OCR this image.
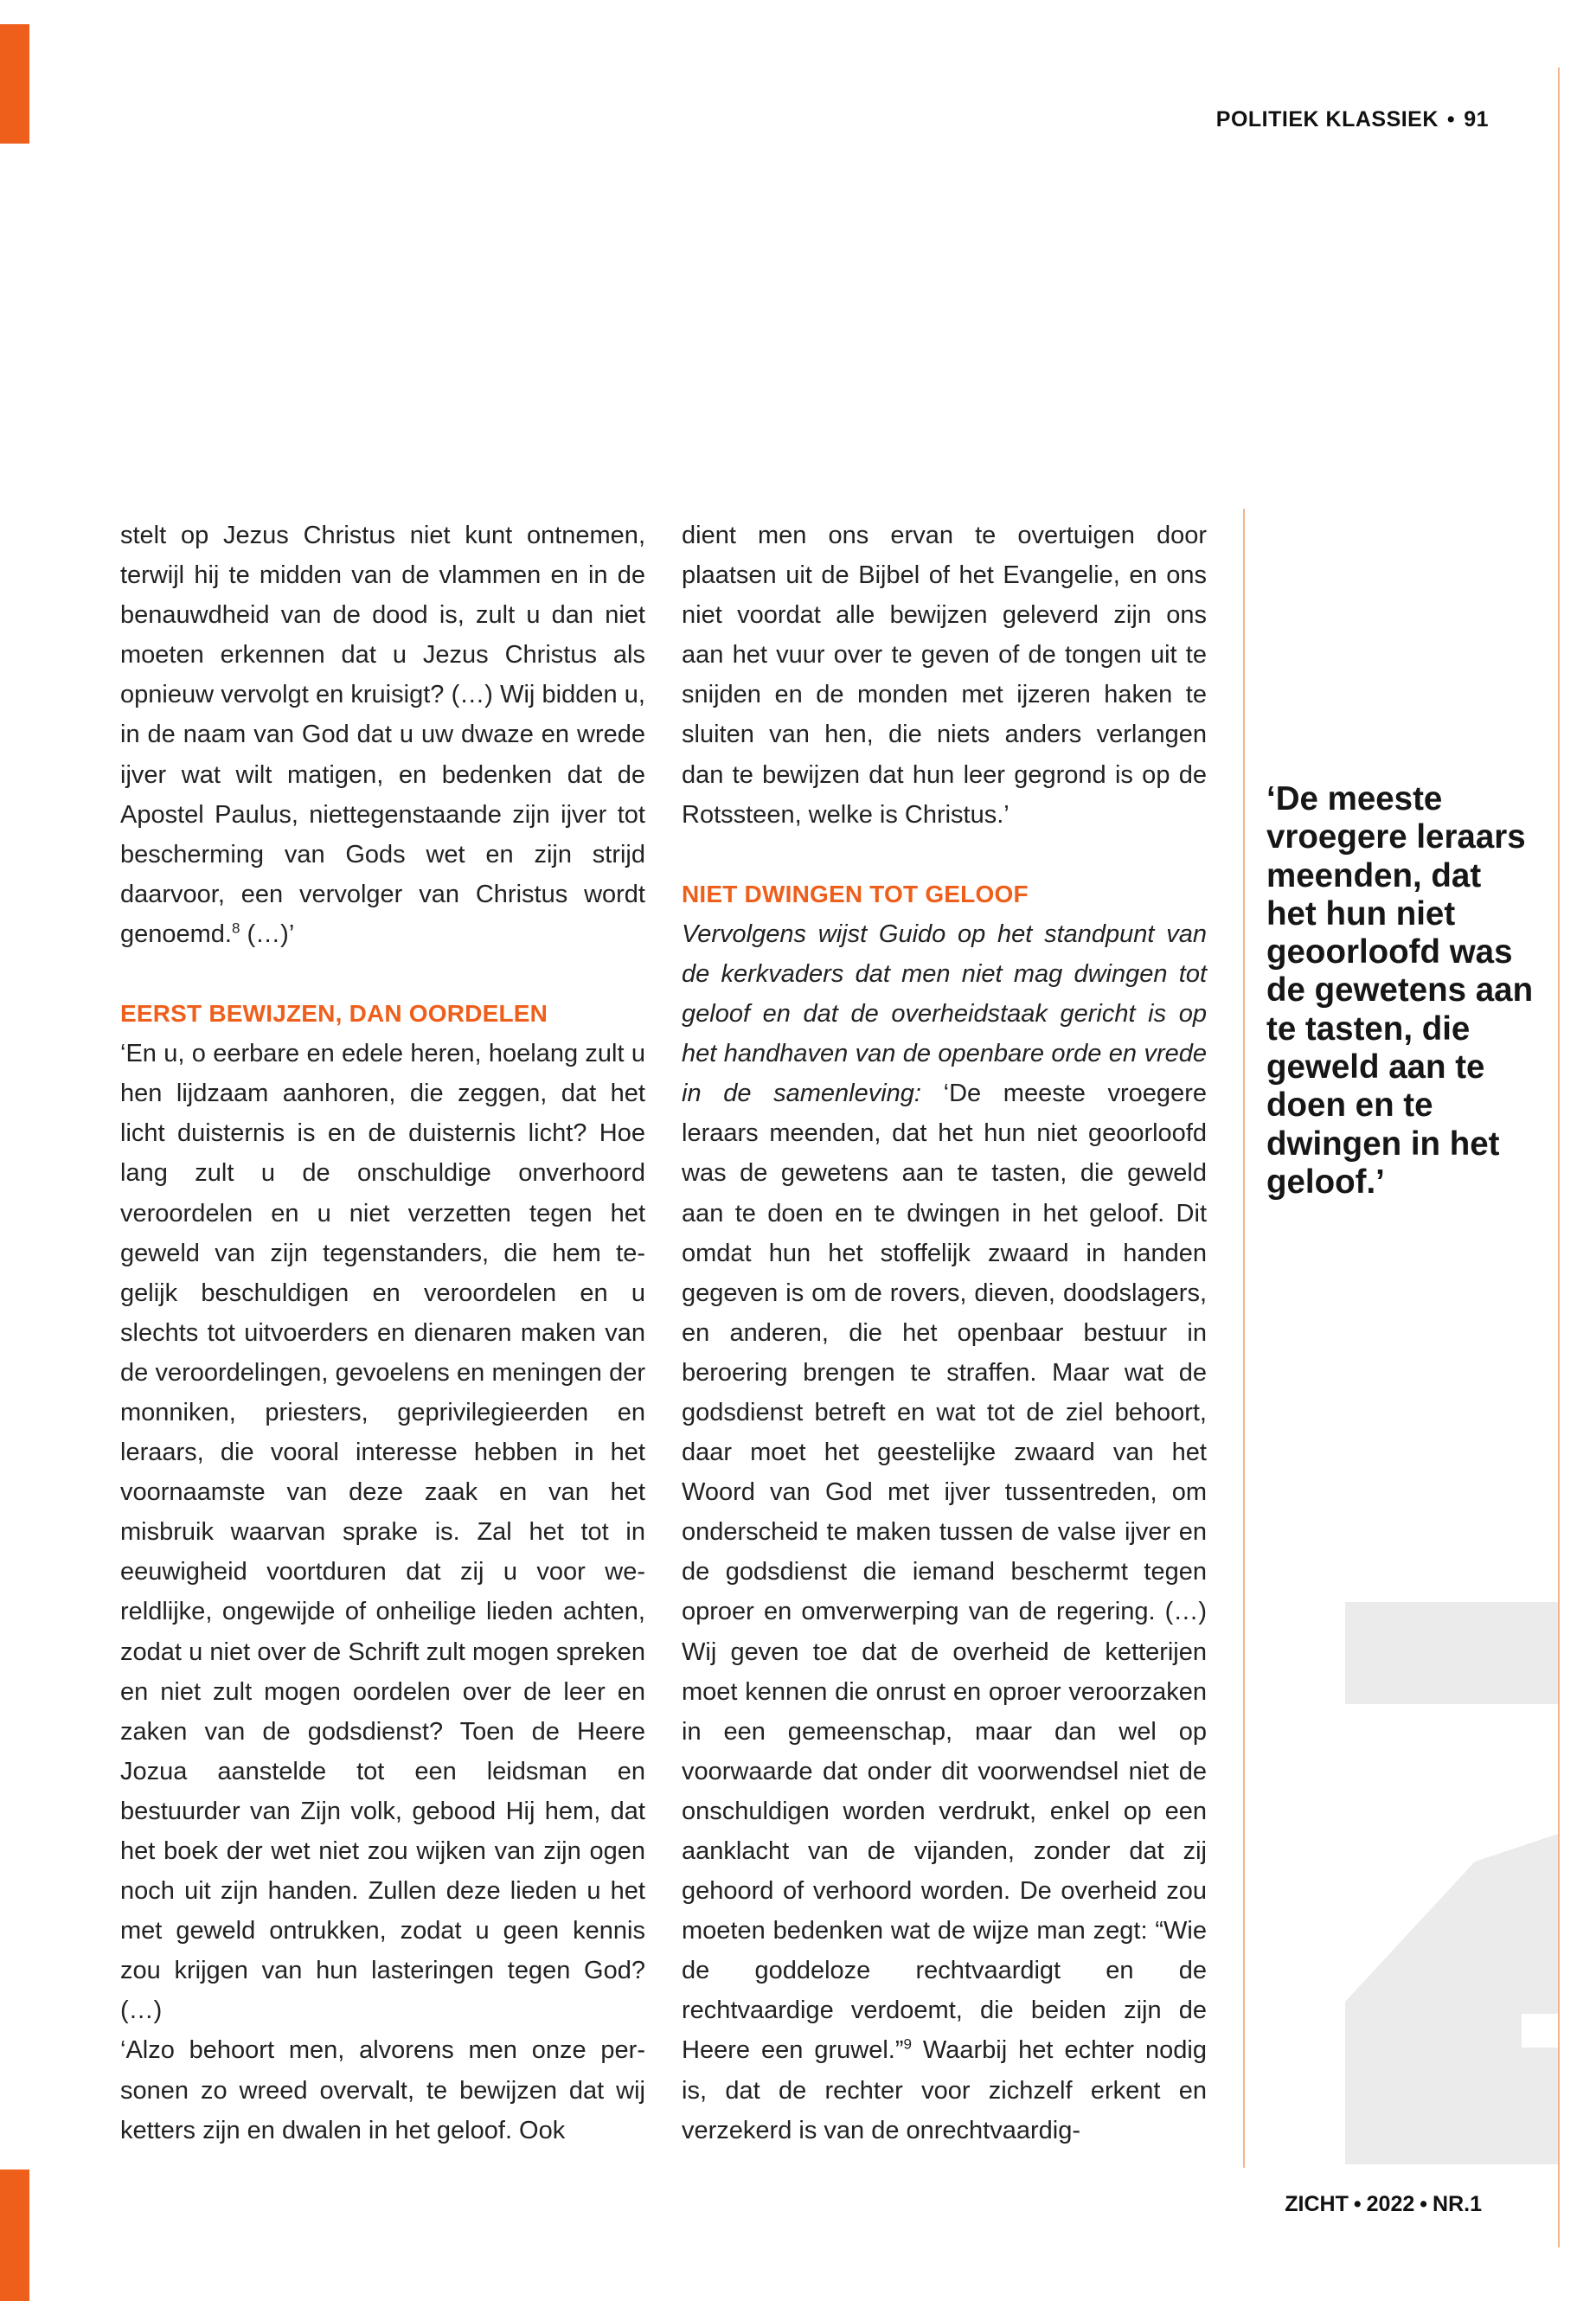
POLITIEK KLASSIEK • 91

stelt op Jezus Christus niet kunt ontnemen, terwijl hij te midden van de vlammen en in de benauwdheid van de dood is, zult u dan niet moeten erkennen dat u Jezus Christus als opnieuw vervolgt en kruisigt? (…) Wij bidden u, in de naam van God dat u uw dwaze en wrede ijver wat wilt matigen, en bedenken dat de Apostel Paulus, niettegenstaande zijn ijver tot bescherming van Gods wet en zijn strijd daarvoor, een vervolger van Christus wordt genoemd.$^8$ (…)’

EERST BEWIJZEN, DAN OORDELEN

‘En u, o eerbare en edele heren, hoelang zult u hen lijdzaam aanhoren, die zeggen, dat het licht duisternis is en de duisternis licht? Hoe lang zult u de onschuldige onverhoord veroordelen en u niet verzetten tegen het geweld van zijn tegenstanders, die hem tegelijk beschuldigen en veroordelen en u slechts tot uitvoerders en dienaren maken van de veroordelingen, gevoelens en meningen der monniken, priesters, geprivilegieerden en leraars, die vooral interesse hebben in het voornaamste van deze zaak en van het misbruik waarvan sprake is. Zal het tot in eeuwigheid voortduren dat zij u voor wereldlijke, ongewijde of onheilige lieden achten, zodat u niet over de Schrift zult mogen spreken en niet zult mogen oordelen over de leer en zaken van de godsdienst? Toen de Heere Jozua aanstelde tot een leidsman en bestuurder van Zijn volk, gebood Hij hem, dat het boek der wet niet zou wijken van zijn ogen noch uit zijn handen. Zullen deze lieden u het met geweld ontrukken, zodat u geen kennis zou krijgen van hun lasteringen tegen God? (…)

‘Alzo behoort men, alvorens men onze personen zo wreed overvalt, te bewijzen dat wij ketters zijn en dwalen in het geloof. Ook

dient men ons ervan te overtuigen door plaatsen uit de Bijbel of het Evangelie, en ons niet voordat alle bewijzen geleverd zijn ons aan het vuur over te geven of de tongen uit te snijden en de monden met ijzeren haken te sluiten van hen, die niets anders verlangen dan te bewijzen dat hun leer gegrond is op de Rotssteen, welke is Christus.’

NIET DWINGEN TOT GELOOF

Vervolgens wijst Guido op het standpunt van de kerkvaders dat men niet mag dwingen tot geloof en dat de overheidstaak gericht is op het handhaven van de openbare orde en vrede in de samenleving: ‘De meeste vroegere leraars meenden, dat het hun niet geoorloofd was de gewetens aan te tasten, die geweld aan te doen en te dwingen in het geloof. Dit omdat hun het stoffelijk zwaard in handen gegeven is om de rovers, dieven, doodslagers, en anderen, die het openbaar bestuur in beroering brengen te straffen. Maar wat de godsdienst betreft en wat tot de ziel behoort, daar moet het geestelijke zwaard van het Woord van God met ijver tussentreden, om onderscheid te maken tussen de valse ijver en de godsdienst die iemand beschermt tegen oproer en omverwerping van de regering. (…) Wij geven toe dat de overheid de ketterijen moet kennen die onrust en oproer veroorzaken in een gemeenschap, maar dan wel op voorwaarde dat onder dit voorwendsel niet de onschuldigen worden verdrukt, enkel op een aanklacht van de vijanden, zonder dat zij gehoord of verhoord worden. De overheid zou moeten bedenken wat de wijze man zegt: “Wie de goddeloze rechtvaardigt en de rechtvaardige verdoemt, die beiden zijn de Heere een gruwel.”$^9$ Waarbij het echter nodig is, dat de rechter voor zichzelf erkent en verzekerd is van de onrechtvaardig-

‘De meeste vroegere leraars meenden, dat het hun niet geoorloofd was de gewetens aan te tasten, die geweld aan te doen en te dwingen in het geloof.’
ZICHT • 2022 • NR.1
